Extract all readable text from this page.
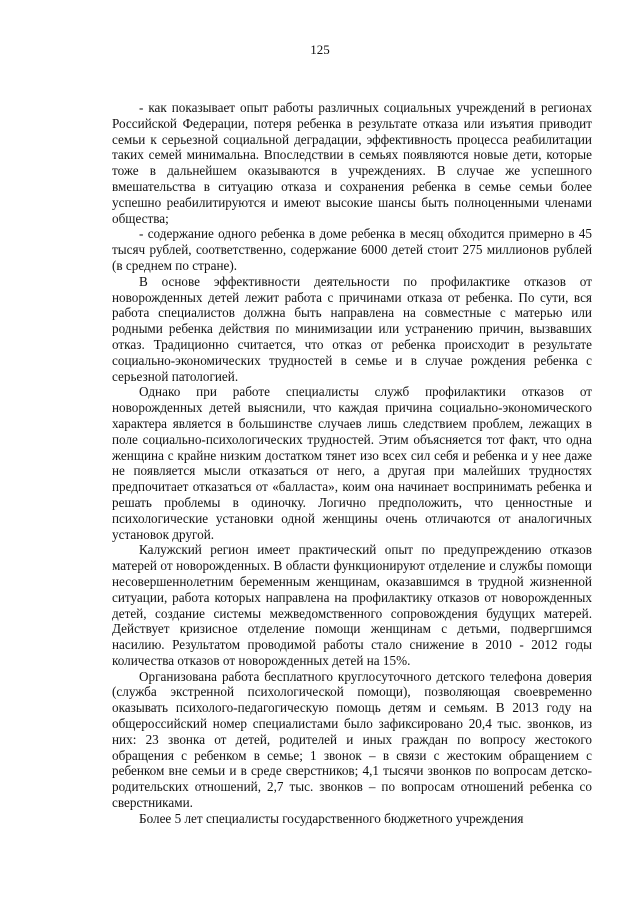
125

- как показывает опыт работы различных социальных учреждений в регионах Российской Федерации, потеря ребенка в результате отказа или изъятия приводит семьи к серьезной социальной деградации, эффективность процесса реабилитации таких семей минимальна. Впоследствии в семьях появляются новые дети, которые тоже в дальнейшем оказываются в учреждениях. В случае же успешного вмешательства в ситуацию отказа и сохранения ребенка в семье семьи более успешно реабилитируются и имеют высокие шансы быть полноценными членами общества;

- содержание одного ребенка в доме ребенка в месяц обходится примерно в 45 тысяч рублей, соответственно, содержание 6000 детей стоит 275 миллионов рублей (в среднем по стране).

В основе эффективности деятельности по профилактике отказов от новорожденных детей лежит работа с причинами отказа от ребенка. По сути, вся работа специалистов должна быть направлена на совместные с матерью или родными ребенка действия по минимизации или устранению причин, вызвавших отказ. Традиционно считается, что отказ от ребенка происходит в результате социально-экономических трудностей в семье и в случае рождения ребенка с серьезной патологией.

Однако при работе специалисты служб профилактики отказов от новорожденных детей выяснили, что каждая причина социально-экономического характера является в большинстве случаев лишь следствием проблем, лежащих в поле социально-психологических трудностей. Этим объясняется тот факт, что одна женщина с крайне низким достатком тянет изо всех сил себя и ребенка и у нее даже не появляется мысли отказаться от него, а другая при малейших трудностях предпочитает отказаться от «балласта», коим она начинает воспринимать ребенка и решать проблемы в одиночку. Логично предположить, что ценностные и психологические установки одной женщины очень отличаются от аналогичных установок другой.

Калужский регион имеет практический опыт по предупреждению отказов матерей от новорожденных. В области функционируют отделение и службы помощи несовершеннолетним беременным женщинам, оказавшимся в трудной жизненной ситуации, работа которых направлена на профилактику отказов от новорожденных детей, создание системы межведомственного сопровождения будущих матерей. Действует кризисное отделение помощи женщинам с детьми, подвергшимся насилию. Результатом проводимой работы стало снижение в 2010 - 2012 годы количества отказов от новорожденных детей на 15%.

Организована работа бесплатного круглосуточного детского телефона доверия (служба экстренной психологической помощи), позволяющая своевременно оказывать психолого-педагогическую помощь детям и семьям. В 2013 году на общероссийский номер специалистами было зафиксировано 20,4 тыс. звонков, из них: 23 звонка от детей, родителей и иных граждан по вопросу жестокого обращения с ребенком в семье; 1 звонок – в связи с жестоким обращением с ребенком вне семьи и в среде сверстников; 4,1 тысячи звонков по вопросам детско-родительских отношений, 2,7 тыс. звонков – по вопросам отношений ребенка со сверстниками.

Более 5 лет специалисты государственного бюджетного учреждения
